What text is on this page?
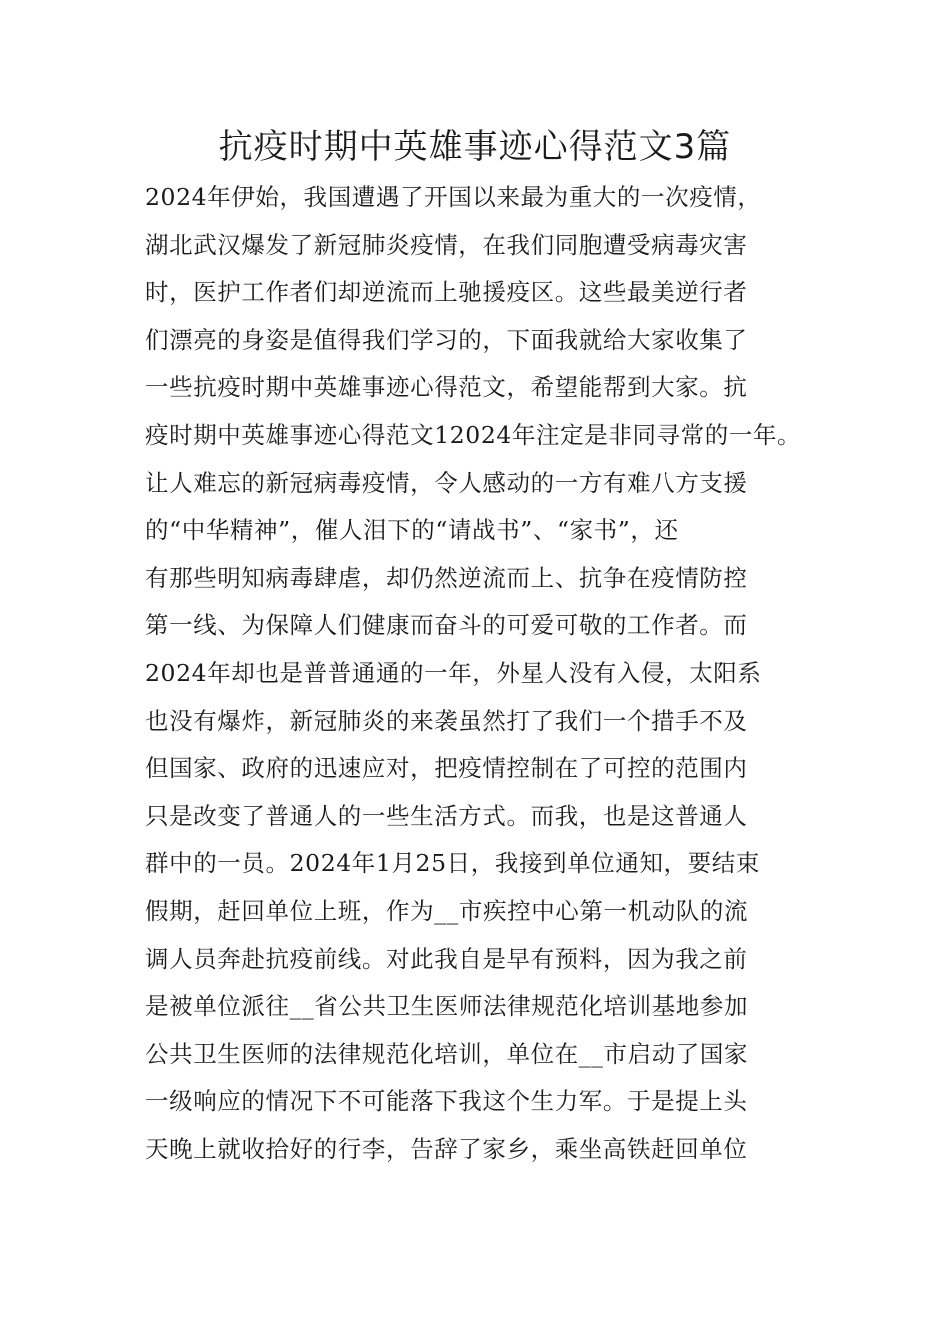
抗疫时期中英雄事迹心得范文3篇
2024年伊始，我国遭遇了开国以来最为重大的一次疫情，
湖北武汉爆发了新冠肺炎疫情，在我们同胞遭受病毒灾害
时，医护工作者们却逆流而上驰援疫区。这些最美逆行者
们漂亮的身姿是值得我们学习的，下面我就给大家收集了
一些抗疫时期中英雄事迹心得范文，希望能帮到大家。抗
疫时期中英雄事迹心得范文12024年注定是非同寻常的一年。
让人难忘的新冠病毒疫情，令人感动的一方有难八方支援
的“中华精神”，催人泪下的“请战书”、“家书”，还
有那些明知病毒肆虐，却仍然逆流而上、抗争在疫情防控
第一线、为保障人们健康而奋斗的可爱可敬的工作者。而
2024年却也是普普通通的一年，外星人没有入侵，太阳系
也没有爆炸，新冠肺炎的来袭虽然打了我们一个措手不及
但国家、政府的迅速应对，把疫情控制在了可控的范围内
只是改变了普通人的一些生活方式。而我，也是这普通人
群中的一员。2024年1月25日，我接到单位通知，要结束
假期，赶回单位上班，作为__市疾控中心第一机动队的流
调人员奔赴抗疫前线。对此我自是早有预料，因为我之前
是被单位派往__省公共卫生医师法律规范化培训基地参加
公共卫生医师的法律规范化培训，单位在__市启动了国家
一级响应的情况下不可能落下我这个生力军。于是提上头
天晚上就收拾好的行李，告辞了家乡，乘坐高铁赶回单位
